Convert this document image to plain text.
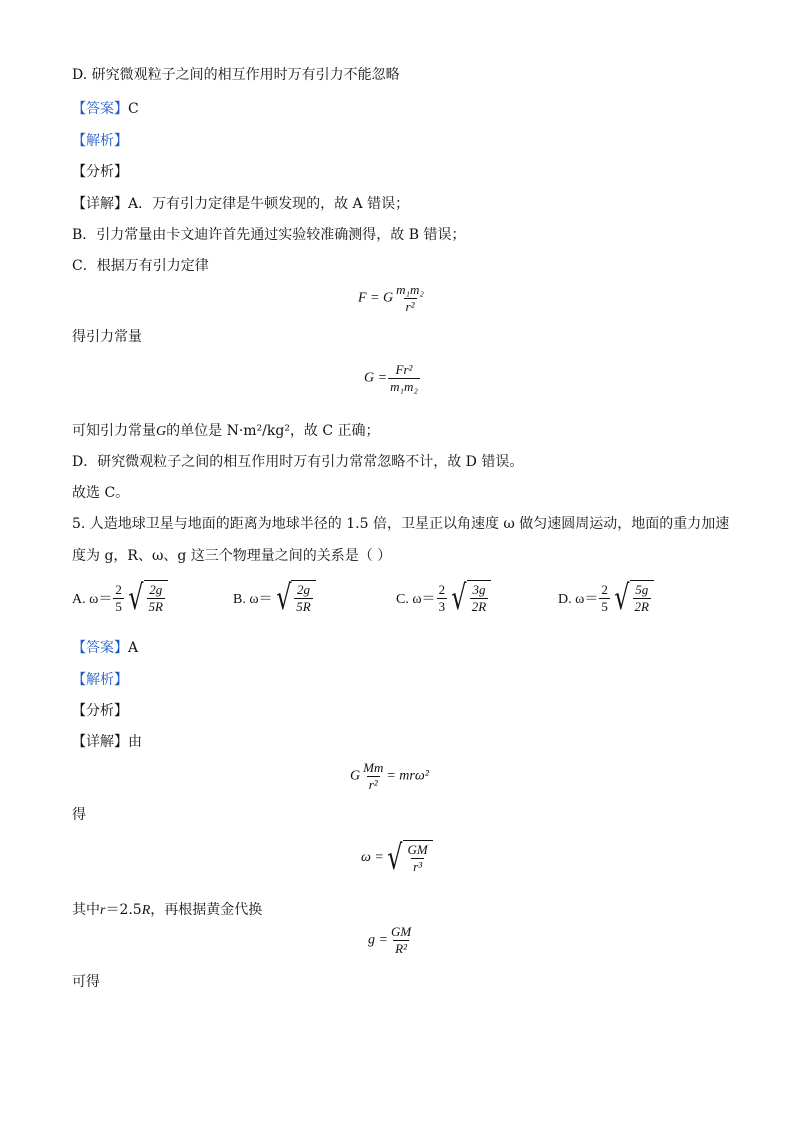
D. 研究微观粒子之间的相互作用时万有引力不能忽略
【答案】C
【解析】
【分析】
【详解】A．万有引力定律是牛顿发现的，故 A 错误；
B．引力常量由卡文迪许首先通过实验较准确测得，故 B 错误；
C．根据万有引力定律
F = G $\frac{\text{m₁m₂}}{\text{r²}}$
得引力常量
$G = \frac{\text{Fr²}}{\text{m₁m₂}}$
可知引力常量G的单位是 N·m²/kg²，故 C 正确；
D．研究微观粒子之间的相互作用时万有引力常常忽略不计，故 D 错误。
故选 C。
5. 人造地球卫星与地面的距离为地球半径的 1.5 倍，卫星正以角速度 ω 做匀速圆周运动，地面的重力加速
度为 g，R、ω、g 这三个物理量之间的关系是（ ）
A. $\omega= \frac{2}{5}$ √ $\frac{2g}{5R}$	B. ω＝ √ $\frac{2g}{5R}$	C. $\omega= \frac{2}{3}$ √ $\frac{3g}{2R}$	D. $\omega= \frac{2}{5}$ √ $\frac{5g}{2R}$
【答案】A
【解析】
【分析】
【详解】由
G $\frac{Mm}{\text{r²}} = mr\omega^2$
得
ω = √ $\frac{GM}{\text{r³}}$
其中r＝2.5R，再根据黄金代换
$g = \frac{GM}{\text{R²}}$
可得
